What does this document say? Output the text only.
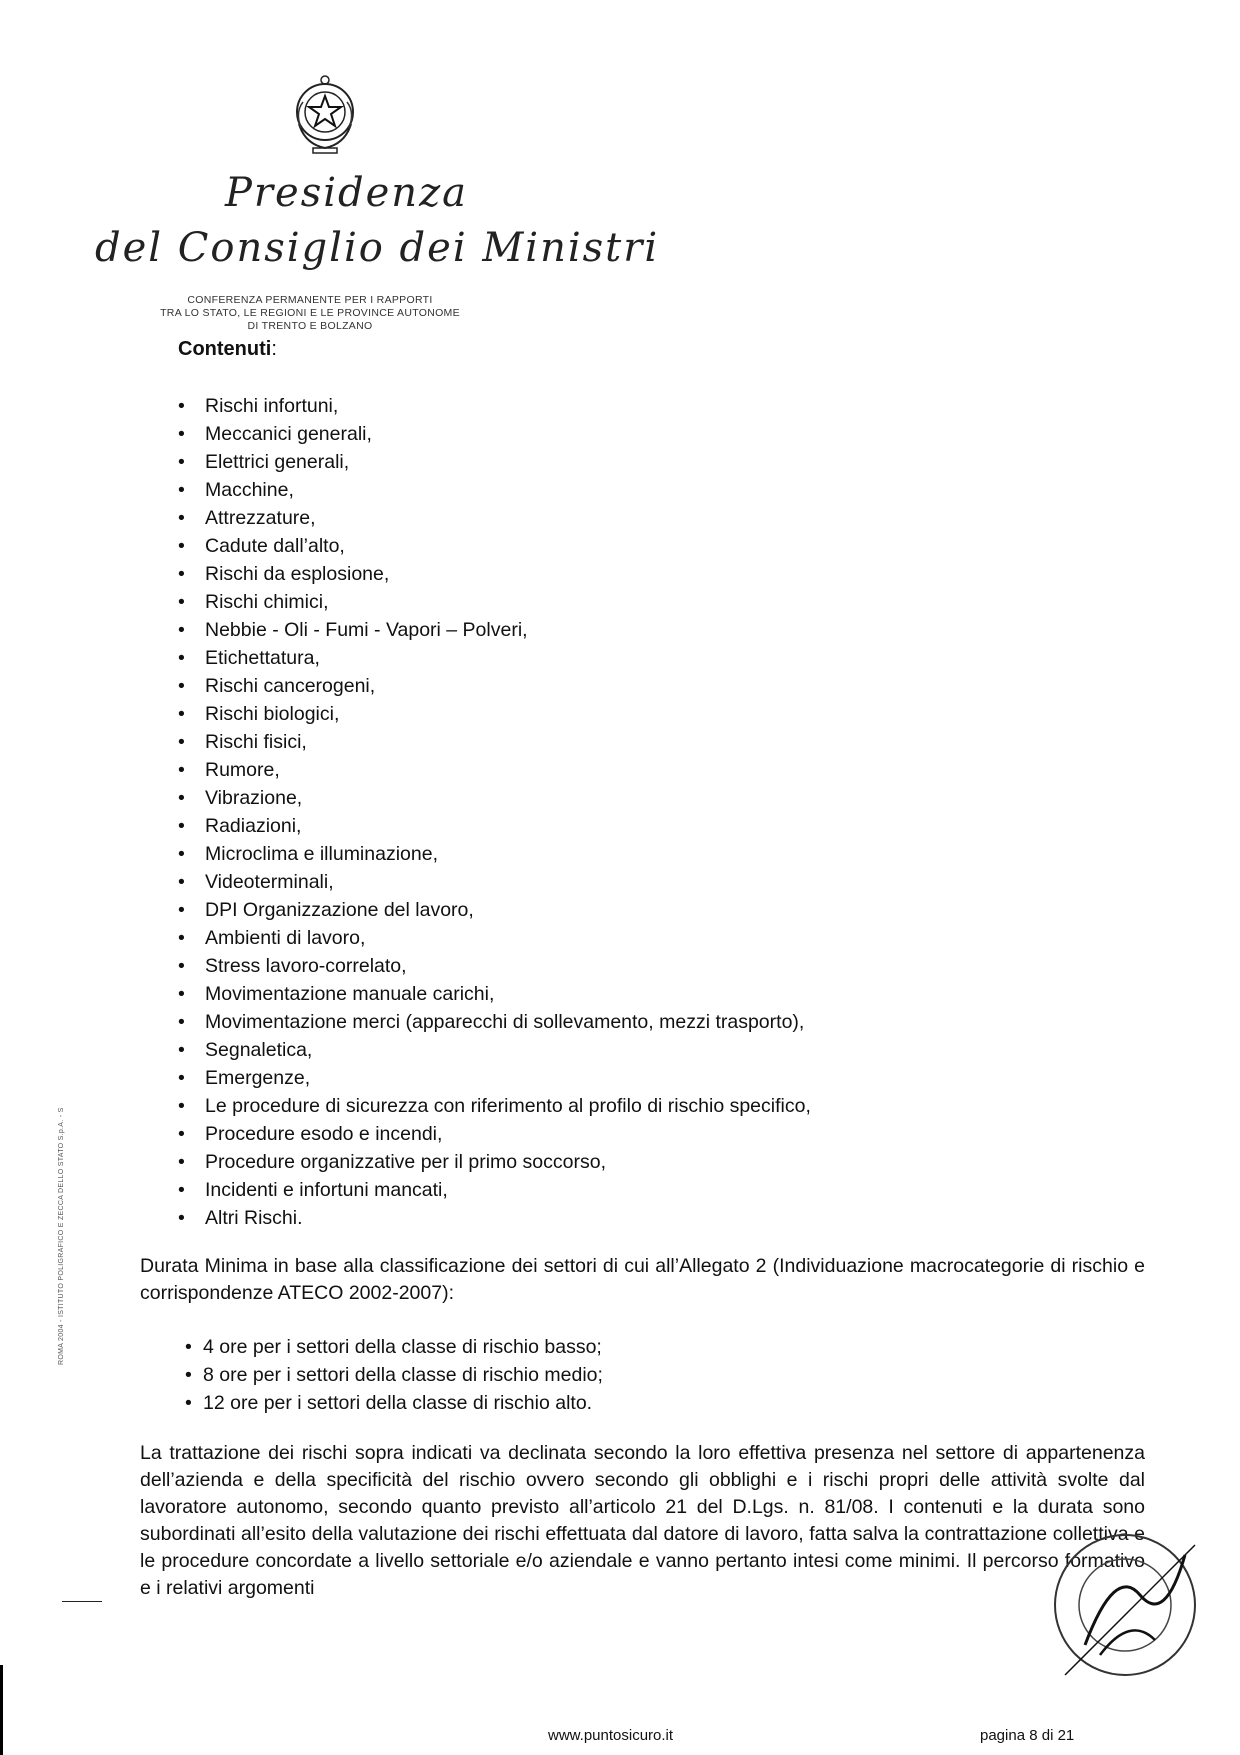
Presidenza
del Consiglio dei Ministri
CONFERENZA PERMANENTE PER I RAPPORTI
TRA LO STATO, LE REGIONI E LE PROVINCE AUTONOME
DI TRENTO E BOLZANO
Contenuti:
• Rischi infortuni,
• Meccanici generali,
• Elettrici generali,
• Macchine,
• Attrezzature,
• Cadute dall’alto,
• Rischi da esplosione,
• Rischi chimici,
• Nebbie - Oli - Fumi - Vapori – Polveri,
• Etichettatura,
• Rischi cancerogeni,
• Rischi biologici,
• Rischi fisici,
• Rumore,
• Vibrazione,
• Radiazioni,
• Microclima e illuminazione,
• Videoterminali,
• DPI Organizzazione del lavoro,
• Ambienti di lavoro,
• Stress lavoro-correlato,
• Movimentazione manuale carichi,
• Movimentazione merci (apparecchi di sollevamento, mezzi trasporto),
• Segnaletica,
• Emergenze,
• Le procedure di sicurezza con riferimento al profilo di rischio specifico,
• Procedure esodo e incendi,
• Procedure organizzative per il primo soccorso,
• Incidenti e infortuni mancati,
• Altri Rischi.

Durata Minima in base alla classificazione dei settori di cui all’Allegato 2 (Individuazione macrocategorie di rischio e corrispondenze ATECO 2002-2007):

• 4 ore per i settori della classe di rischio basso;
• 8 ore per i settori della classe di rischio medio;
• 12 ore per i settori della classe di rischio alto.

La trattazione dei rischi sopra indicati va declinata secondo la loro effettiva presenza nel settore di appartenenza dell’azienda e della specificità del rischio ovvero secondo gli obblighi e i rischi propri delle attività svolte dal lavoratore autonomo, secondo quanto previsto all’articolo 21 del D.Lgs. n. 81/08. I contenuti e la durata sono subordinati all’esito della valutazione dei rischi effettuata dal datore di lavoro, fatta salva la contrattazione collettiva e le procedure concordate a livello settoriale e/o aziendale e vanno pertanto intesi come minimi. Il percorso formativo e i relativi argomenti

ROMA 2004 - ISTITUTO POLIGRAFICO E ZECCA DELLO STATO S.p.A. - S
www.puntosicuro.it	pagina 8 di 21
